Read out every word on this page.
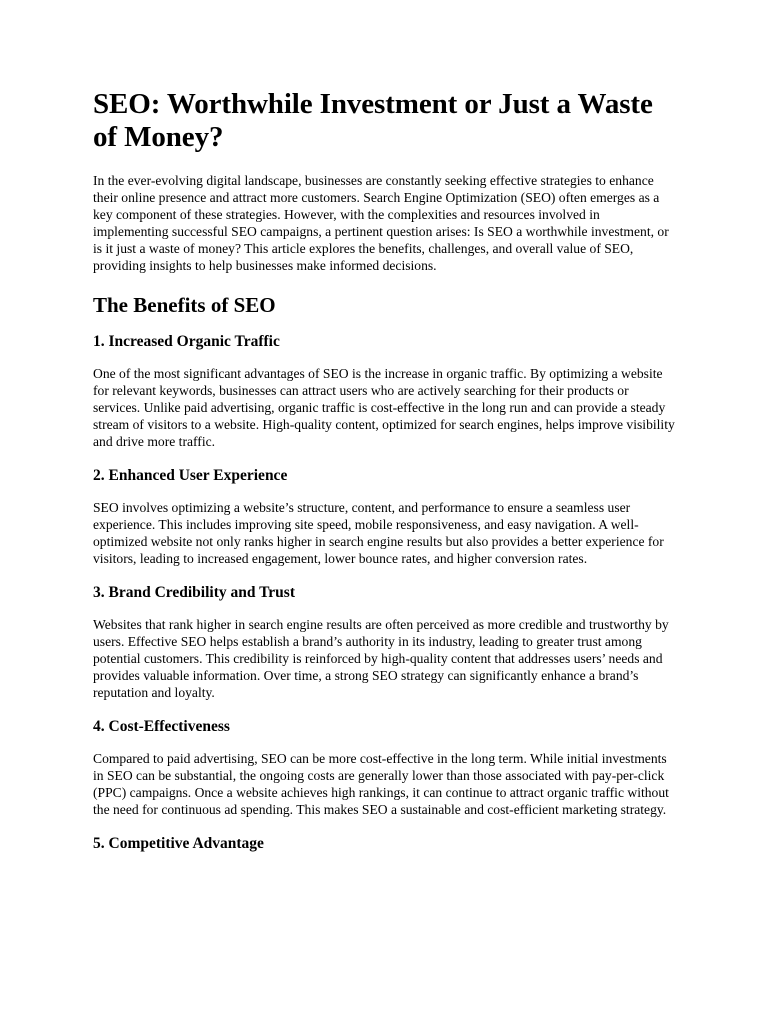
SEO: Worthwhile Investment or Just a Waste of Money?

In the ever-evolving digital landscape, businesses are constantly seeking effective strategies to enhance their online presence and attract more customers. Search Engine Optimization (SEO) often emerges as a key component of these strategies. However, with the complexities and resources involved in implementing successful SEO campaigns, a pertinent question arises: Is SEO a worthwhile investment, or is it just a waste of money? This article explores the benefits, challenges, and overall value of SEO, providing insights to help businesses make informed decisions.

The Benefits of SEO
1. Increased Organic Traffic

One of the most significant advantages of SEO is the increase in organic traffic. By optimizing a website for relevant keywords, businesses can attract users who are actively searching for their products or services. Unlike paid advertising, organic traffic is cost-effective in the long run and can provide a steady stream of visitors to a website. High-quality content, optimized for search engines, helps improve visibility and drive more traffic.

2. Enhanced User Experience

SEO involves optimizing a website’s structure, content, and performance to ensure a seamless user experience. This includes improving site speed, mobile responsiveness, and easy navigation. A well-optimized website not only ranks higher in search engine results but also provides a better experience for visitors, leading to increased engagement, lower bounce rates, and higher conversion rates.

3. Brand Credibility and Trust

Websites that rank higher in search engine results are often perceived as more credible and trustworthy by users. Effective SEO helps establish a brand’s authority in its industry, leading to greater trust among potential customers. This credibility is reinforced by high-quality content that addresses users’ needs and provides valuable information. Over time, a strong SEO strategy can significantly enhance a brand’s reputation and loyalty.

4. Cost-Effectiveness

Compared to paid advertising, SEO can be more cost-effective in the long term. While initial investments in SEO can be substantial, the ongoing costs are generally lower than those associated with pay-per-click (PPC) campaigns. Once a website achieves high rankings, it can continue to attract organic traffic without the need for continuous ad spending. This makes SEO a sustainable and cost-efficient marketing strategy.

5. Competitive Advantage
